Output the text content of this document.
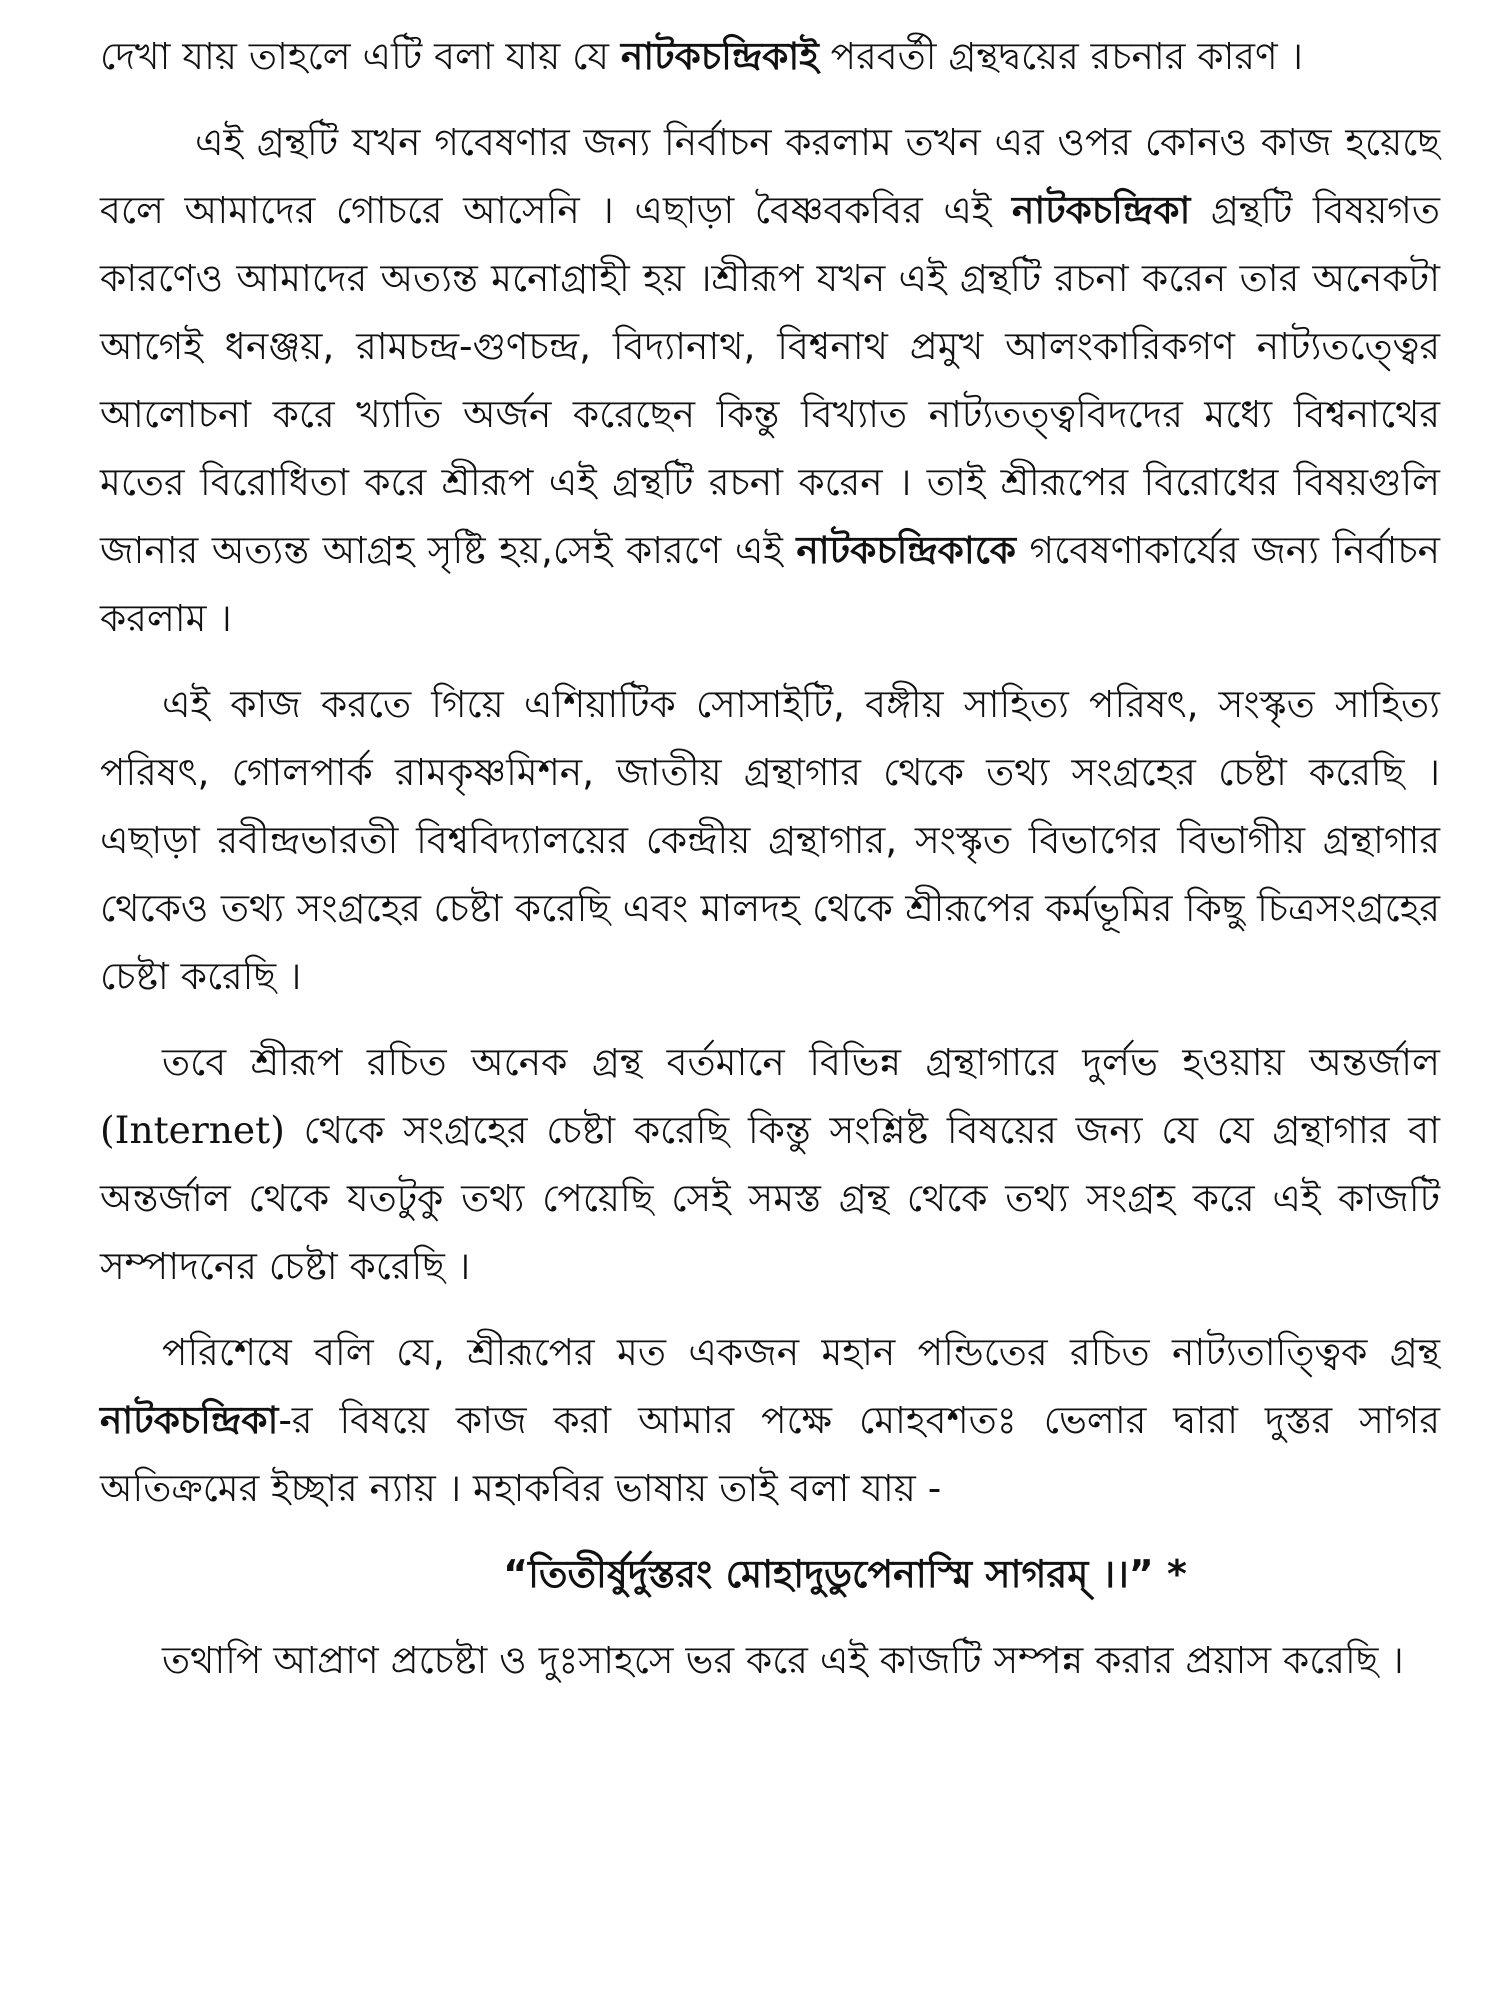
দেখা যায় তাহলে এটি বলা যায় যে নাটকচন্দ্রিকাই পরবর্তী গ্রন্থদ্বয়ের রচনার কারণ ।

এই গ্রন্থটি যখন গবেষণার জন্য নির্বাচন করলাম তখন এর ওপর কোনও কাজ হয়েছে বলে আমাদের গোচরে আসেনি । এছাড়া বৈষ্ণবকবির এই নাটকচন্দ্রিকা গ্রন্থটি বিষয়গত কারণেও আমাদের অত্যন্ত মনোগ্রাহী হয় ।শ্রীরূপ যখন এই গ্রন্থটি রচনা করেন তার অনেকটা আগেই ধনঞ্জয়, রামচন্দ্র-গুণচন্দ্র, বিদ্যানাথ, বিশ্বনাথ প্রমুখ আলংকারিকগণ নাট্যতত্ত্বের আলোচনা করে খ্যাতি অর্জন করেছেন কিন্তু বিখ্যাত নাট্যতত্ত্ববিদদের মধ্যে বিশ্বনাথের মতের বিরোধিতা করে শ্রীরূপ এই গ্রন্থটি রচনা করেন । তাই শ্রীরূপের বিরোধের বিষয়গুলি জানার অত্যন্ত আগ্রহ সৃষ্টি হয়,সেই কারণে এই নাটকচন্দ্রিকাকে গবেষণাকার্যের জন্য নির্বাচন করলাম ।

এই কাজ করতে গিয়ে এশিয়াটিক সোসাইটি, বঙ্গীয় সাহিত্য পরিষৎ, সংস্কৃত সাহিত্য পরিষৎ, গোলপার্ক রামকৃষ্ণমিশন, জাতীয় গ্রন্থাগার থেকে তথ্য সংগ্রহের চেষ্টা করেছি । এছাড়া রবীন্দ্রভারতী বিশ্ববিদ্যালয়ের কেন্দ্রীয় গ্রন্থাগার, সংস্কৃত বিভাগের বিভাগীয় গ্রন্থাগার থেকেও তথ্য সংগ্রহের চেষ্টা করেছি এবং মালদহ থেকে শ্রীরূপের কর্মভূমির কিছু চিত্রসংগ্রহের চেষ্টা করেছি ।

তবে শ্রীরূপ রচিত অনেক গ্রন্থ বর্তমানে বিভিন্ন গ্রন্থাগারে দুর্লভ হওয়ায় অন্তর্জাল (Internet) থেকে সংগ্রহের চেষ্টা করেছি কিন্তু সংশ্লিষ্ট বিষয়ের জন্য যে যে গ্রন্থাগার বা অন্তর্জাল থেকে যতটুকু তথ্য পেয়েছি সেই সমস্ত গ্রন্থ থেকে তথ্য সংগ্রহ করে এই কাজটি সম্পাদনের চেষ্টা করেছি ।

পরিশেষে বলি যে, শ্রীরূপের মত একজন মহান পন্ডিতের রচিত নাট্যতাত্ত্বিক গ্রন্থ নাটকচন্দ্রিকা-র বিষয়ে কাজ করা আমার পক্ষে মোহবশতঃ ভেলার দ্বারা দুস্তর সাগর অতিক্রমের ইচ্ছার ন্যায় । মহাকবির ভাষায় তাই বলা যায় -

“তিতীর্ষুর্দুস্তরং মোহাদুডুপেনাস্মি সাগরম্ ।।” *

তথাপি আপ্রাণ প্রচেষ্টা ও দুঃসাহসে ভর করে এই কাজটি সম্পন্ন করার প্রয়াস করেছি ।
